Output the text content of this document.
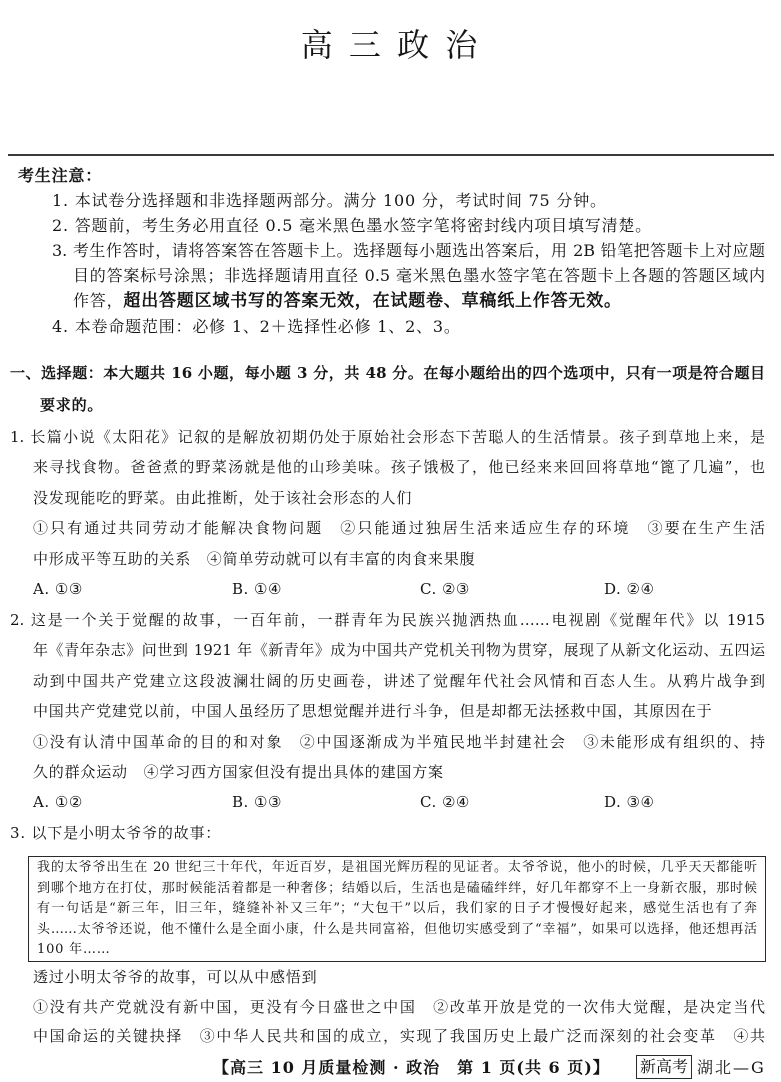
高 三 政 治
考生注意：
1. 本试卷分选择题和非选择题两部分。满分 100 分，考试时间 75 分钟。
2. 答题前，考生务必用直径 0.5 毫米黑色墨水签字笔将密封线内项目填写清楚。
3. 考生作答时，请将答案答在答题卡上。选择题每小题选出答案后，用 2B 铅笔把答题卡上对应题
目的答案标号涂黑；非选择题请用直径 0.5 毫米黑色墨水签字笔在答题卡上各题的答题区域内
作答，超出答题区域书写的答案无效，在试题卷、草稿纸上作答无效。
4. 本卷命题范围：必修 1、2＋选择性必修 1、2、3。
一、选择题：本大题共 16 小题，每小题 3 分，共 48 分。在每小题给出的四个选项中，只有一项是符合题目
要求的。
1. 长篇小说《太阳花》记叙的是解放初期仍处于原始社会形态下苦聪人的生活情景。孩子到草地上来，是
来寻找食物。爸爸煮的野菜汤就是他的山珍美味。孩子饿极了，他已经来来回回将草地“篦了几遍”，也
没发现能吃的野菜。由此推断，处于该社会形态的人们
①只有通过共同劳动才能解决食物问题　②只能通过独居生活来适应生存的环境　③要在生产生活
中形成平等互助的关系　④简单劳动就可以有丰富的肉食来果腹
A. ①③	B. ①④	C. ②③	D. ②④
2. 这是一个关于觉醒的故事，一百年前，一群青年为民族兴抛洒热血……电视剧《觉醒年代》以 1915
年《青年杂志》问世到 1921 年《新青年》成为中国共产党机关刊物为贯穿，展现了从新文化运动、五四运
动到中国共产党建立这段波澜壮阔的历史画卷，讲述了觉醒年代社会风情和百态人生。从鸦片战争到
中国共产党建党以前，中国人虽经历了思想觉醒并进行斗争，但是却都无法拯救中国，其原因在于
①没有认清中国革命的目的和对象　②中国逐渐成为半殖民地半封建社会　③未能形成有组织的、持
久的群众运动　④学习西方国家但没有提出具体的建国方案
A. ①②	B. ①③	C. ②④	D. ③④
3. 以下是小明太爷爷的故事：
我的太爷爷出生在 20 世纪三十年代，年近百岁，是祖国光辉历程的见证者。太爷爷说，他小的时候，几乎天天都能听
到哪个地方在打仗，那时候能活着都是一种奢侈；结婚以后，生活也是磕磕绊绊，好几年都穿不上一身新衣服，那时候
有一句话是“新三年，旧三年，缝缝补补又三年”；“大包干”以后，我们家的日子才慢慢好起来，感觉生活也有了奔
头……太爷爷还说，他不懂什么是全面小康，什么是共同富裕，但他切实感受到了“幸福”，如果可以选择，他还想再活
100 年……
透过小明太爷爷的故事，可以从中感悟到
①没有共产党就没有新中国，更没有今日盛世之中国　②改革开放是党的一次伟大觉醒，是决定当代
中国命运的关键抉择　③中华人民共和国的成立，实现了我国历史上最广泛而深刻的社会变革　④共
【高三 10 月质量检测 · 政治　第 1 页(共 6 页)】 新高考 湖北—G
